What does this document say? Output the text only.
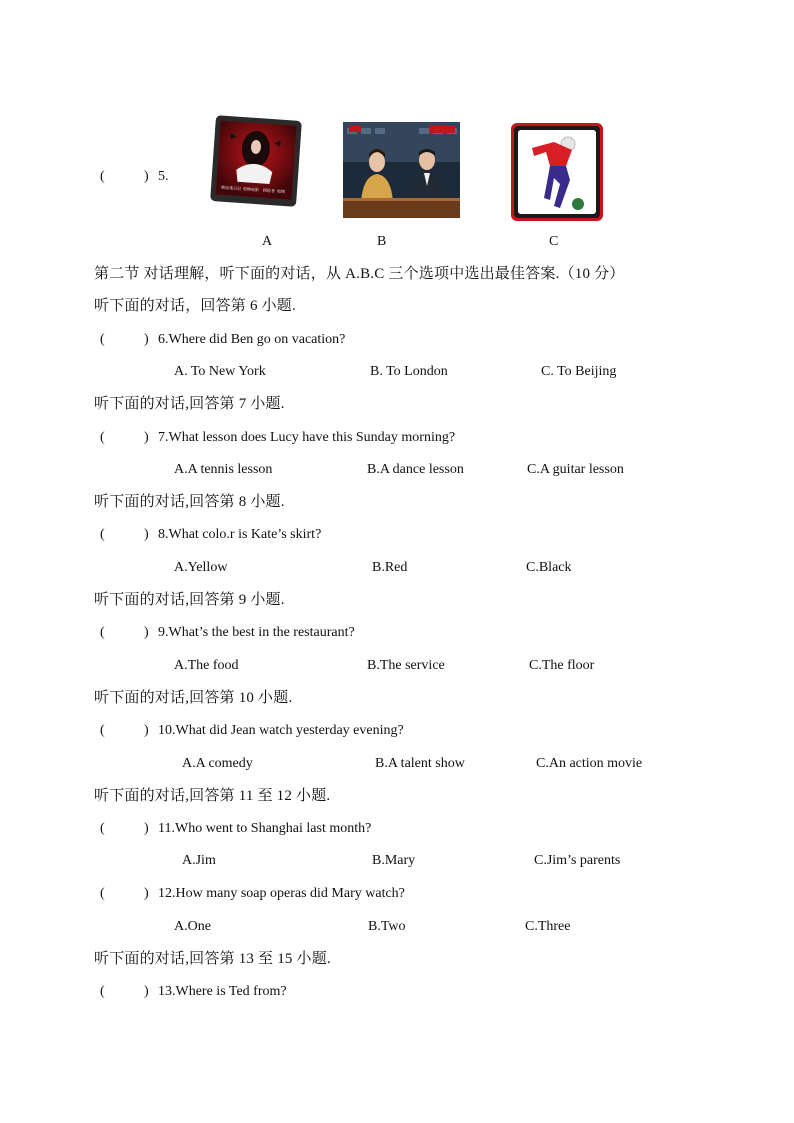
(	) 5.
吸血鬼日记 恐怖电影 探险者 惊悚
A	B	C
第二节 对话理解，听下面的对话，从 A.B.C 三个选项中选出最佳答案.（10 分）
听下面的对话，回答第 6 小题.
(	) 6.Where did Ben go on vacation?
A. To New York	B. To London	C. To Beijing
听下面的对话,回答第 7 小题.
(	) 7.What lesson does Lucy have this Sunday morning?
A.A tennis lesson	B.A dance lesson	C.A guitar lesson
听下面的对话,回答第 8 小题.
(	) 8.What colo.r is Kate’s skirt?
A.Yellow	B.Red	C.Black
听下面的对话,回答第 9 小题.
(	) 9.What’s the best in the restaurant?
A.The food	B.The service	C.The floor
听下面的对话,回答第 10 小题.
(	) 10.What did Jean watch yesterday evening?
A.A comedy	B.A talent show	C.An action movie
听下面的对话,回答第 11 至 12 小题.
(	) 11.Who went to Shanghai last month?
A.Jim	B.Mary	C.Jim’s parents
(	) 12.How many soap operas did Mary watch?
A.One	B.Two	C.Three
听下面的对话,回答第 13 至 15 小题.
(	) 13.Where is Ted from?
